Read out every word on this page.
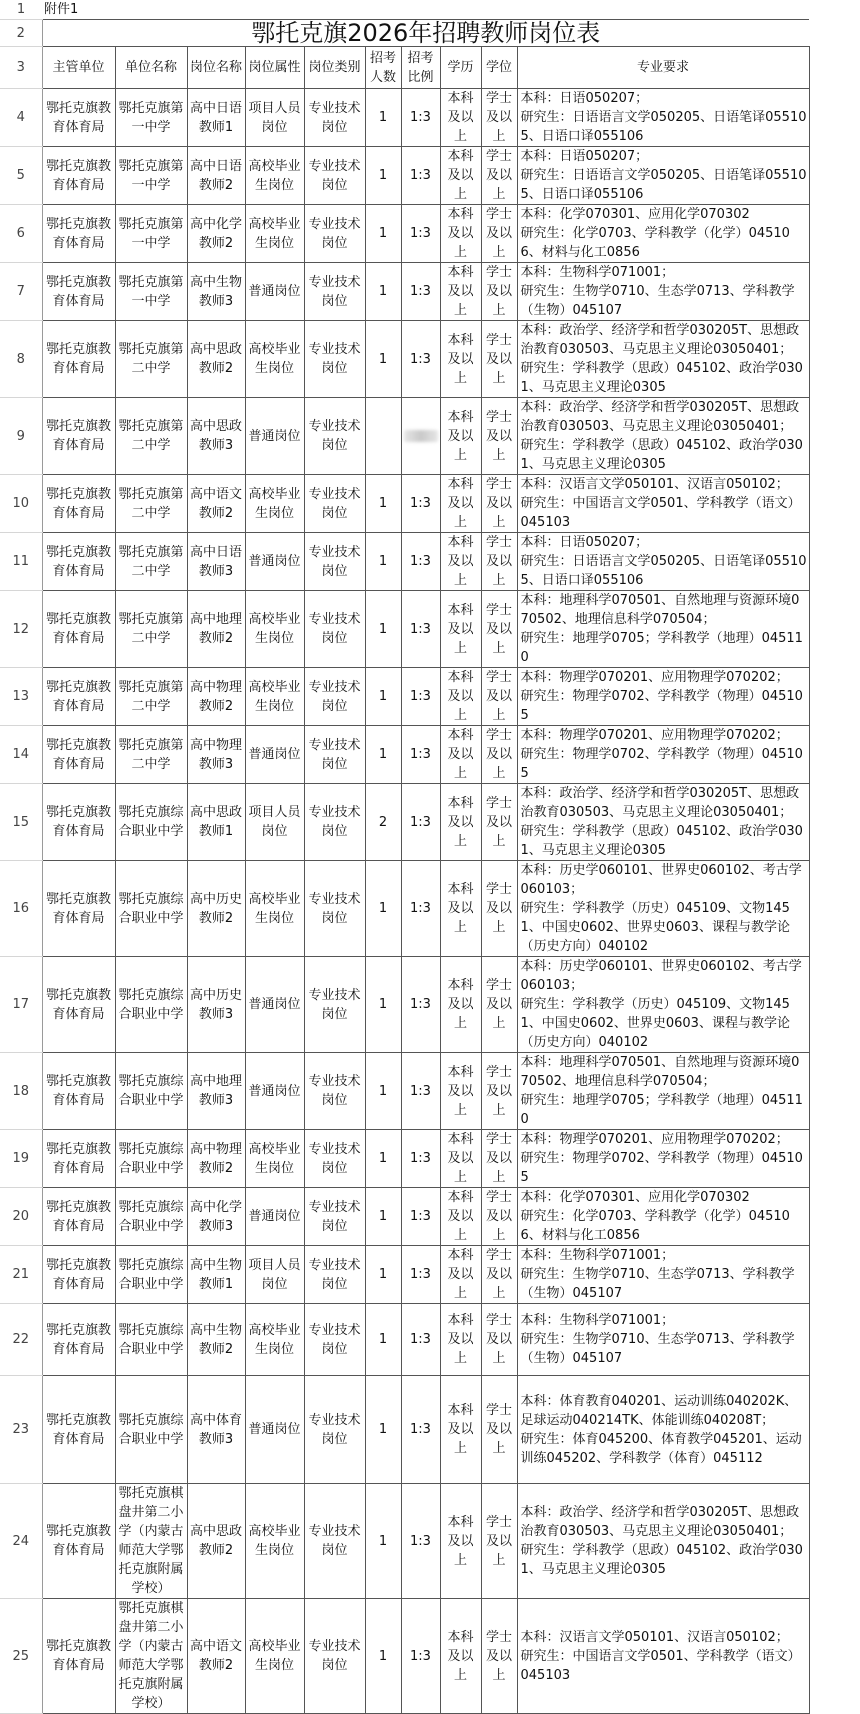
1	附件1									
2	鄂托克旗2026年招聘教师岗位表									
3	主管单位	单位名称	岗位名称	岗位属性	岗位类别	招考人数	招考比例	学历	学位	专业要求
4	鄂托克旗教育体育局	鄂托克旗第一中学	高中日语教师1	项目人员岗位	专业技术岗位	1	1:3	本科及以上	学士及以上	本科：日语050207；
研究生：日语语言文学050205、日语笔译055105、日语口译055106

5	鄂托克旗教育体育局	鄂托克旗第一中学	高中日语教师2	高校毕业生岗位	专业技术岗位	1	1:3	本科及以上	学士及以上	本科：日语050207；
研究生：日语语言文学050205、日语笔译055105、日语口译055106

6	鄂托克旗教育体育局	鄂托克旗第一中学	高中化学教师2	高校毕业生岗位	专业技术岗位	1	1:3	本科及以上	学士及以上	本科：化学070301、应用化学070302
研究生：化学0703、学科教学（化学）045106、材料与化工0856

7	鄂托克旗教育体育局	鄂托克旗第一中学	高中生物教师3	普通岗位	专业技术岗位	1	1:3	本科及以上	学士及以上	本科：生物科学071001；
研究生：生物学0710、生态学0713、学科教学（生物）045107

8	鄂托克旗教育体育局	鄂托克旗第二中学	高中思政教师2	高校毕业生岗位	专业技术岗位	1	1:3	本科及以上	学士及以上	本科：政治学、经济学和哲学030205T、思想政治教育030503、马克思主义理论03050401；
研究生：学科教学（思政）045102、政治学0301、马克思主义理论0305

9	鄂托克旗教育体育局	鄂托克旗第二中学	高中思政教师3	普通岗位	专业技术岗位			本科及以上	学士及以上	本科：政治学、经济学和哲学030205T、思想政治教育030503、马克思主义理论03050401；
研究生：学科教学（思政）045102、政治学0301、马克思主义理论0305

10	鄂托克旗教育体育局	鄂托克旗第二中学	高中语文教师2	高校毕业生岗位	专业技术岗位	1	1:3	本科及以上	学士及以上	本科：汉语言文学050101、汉语言050102；
研究生：中国语言文学0501、学科教学（语文）045103

11	鄂托克旗教育体育局	鄂托克旗第二中学	高中日语教师3	普通岗位	专业技术岗位	1	1:3	本科及以上	学士及以上	本科：日语050207；
研究生：日语语言文学050205、日语笔译055105、日语口译055106

12	鄂托克旗教育体育局	鄂托克旗第二中学	高中地理教师2	高校毕业生岗位	专业技术岗位	1	1:3	本科及以上	学士及以上	本科：地理科学070501、自然地理与资源环境070502、地理信息科学070504；
研究生：地理学0705；学科教学（地理）045110

13	鄂托克旗教育体育局	鄂托克旗第二中学	高中物理教师2	高校毕业生岗位	专业技术岗位	1	1:3	本科及以上	学士及以上	本科：物理学070201、应用物理学070202；
研究生：物理学0702、学科教学（物理）045105

14	鄂托克旗教育体育局	鄂托克旗第二中学	高中物理教师3	普通岗位	专业技术岗位	1	1:3	本科及以上	学士及以上	本科：物理学070201、应用物理学070202；
研究生：物理学0702、学科教学（物理）045105

15	鄂托克旗教育体育局	鄂托克旗综合职业中学	高中思政教师1	项目人员岗位	专业技术岗位	2	1:3	本科及以上	学士及以上	本科：政治学、经济学和哲学030205T、思想政治教育030503、马克思主义理论03050401；
研究生：学科教学（思政）045102、政治学0301、马克思主义理论0305

16	鄂托克旗教育体育局	鄂托克旗综合职业中学	高中历史教师2	高校毕业生岗位	专业技术岗位	1	1:3	本科及以上	学士及以上	本科：历史学060101、世界史060102、考古学060103；
研究生：学科教学（历史）045109、文物1451、中国史0602、世界史0603、课程与教学论（历史方向）040102

17	鄂托克旗教育体育局	鄂托克旗综合职业中学	高中历史教师3	普通岗位	专业技术岗位	1	1:3	本科及以上	学士及以上	本科：历史学060101、世界史060102、考古学060103；
研究生：学科教学（历史）045109、文物1451、中国史0602、世界史0603、课程与教学论（历史方向）040102

18	鄂托克旗教育体育局	鄂托克旗综合职业中学	高中地理教师3	普通岗位	专业技术岗位	1	1:3	本科及以上	学士及以上	本科：地理科学070501、自然地理与资源环境070502、地理信息科学070504；
研究生：地理学0705；学科教学（地理）045110

19	鄂托克旗教育体育局	鄂托克旗综合职业中学	高中物理教师2	高校毕业生岗位	专业技术岗位	1	1:3	本科及以上	学士及以上	本科：物理学070201、应用物理学070202；
研究生：物理学0702、学科教学（物理）045105

20	鄂托克旗教育体育局	鄂托克旗综合职业中学	高中化学教师3	普通岗位	专业技术岗位	1	1:3	本科及以上	学士及以上	本科：化学070301、应用化学070302
研究生：化学0703、学科教学（化学）045106、材料与化工0856

21	鄂托克旗教育体育局	鄂托克旗综合职业中学	高中生物教师1	项目人员岗位	专业技术岗位	1	1:3	本科及以上	学士及以上	本科：生物科学071001；
研究生：生物学0710、生态学0713、学科教学（生物）045107

22	鄂托克旗教育体育局	鄂托克旗综合职业中学	高中生物教师2	高校毕业生岗位	专业技术岗位	1	1:3	本科及以上	学士及以上	本科：生物科学071001；
研究生：生物学0710、生态学0713、学科教学（生物）045107

23	鄂托克旗教育体育局	鄂托克旗综合职业中学	高中体育教师3	普通岗位	专业技术岗位	1	1:3	本科及以上	学士及以上	本科：体育教育040201、运动训练040202K、足球运动040214TK、体能训练040208T；
研究生：体育045200、体育教学045201、运动训练045202、学科教学（体育）045112

24	鄂托克旗教育体育局	鄂托克旗棋盘井第二小学（内蒙古师范大学鄂托克旗附属学校）	高中思政教师2	高校毕业生岗位	专业技术岗位	1	1:3	本科及以上	学士及以上	本科：政治学、经济学和哲学030205T、思想政治教育030503、马克思主义理论03050401；
研究生：学科教学（思政）045102、政治学0301、马克思主义理论0305

25	鄂托克旗教育体育局	鄂托克旗棋盘井第二小学（内蒙古师范大学鄂托克旗附属学校）	高中语文教师2	高校毕业生岗位	专业技术岗位	1	1:3	本科及以上	学士及以上	本科：汉语言文学050101、汉语言050102；
研究生：中国语言文学0501、学科教学（语文）045103
